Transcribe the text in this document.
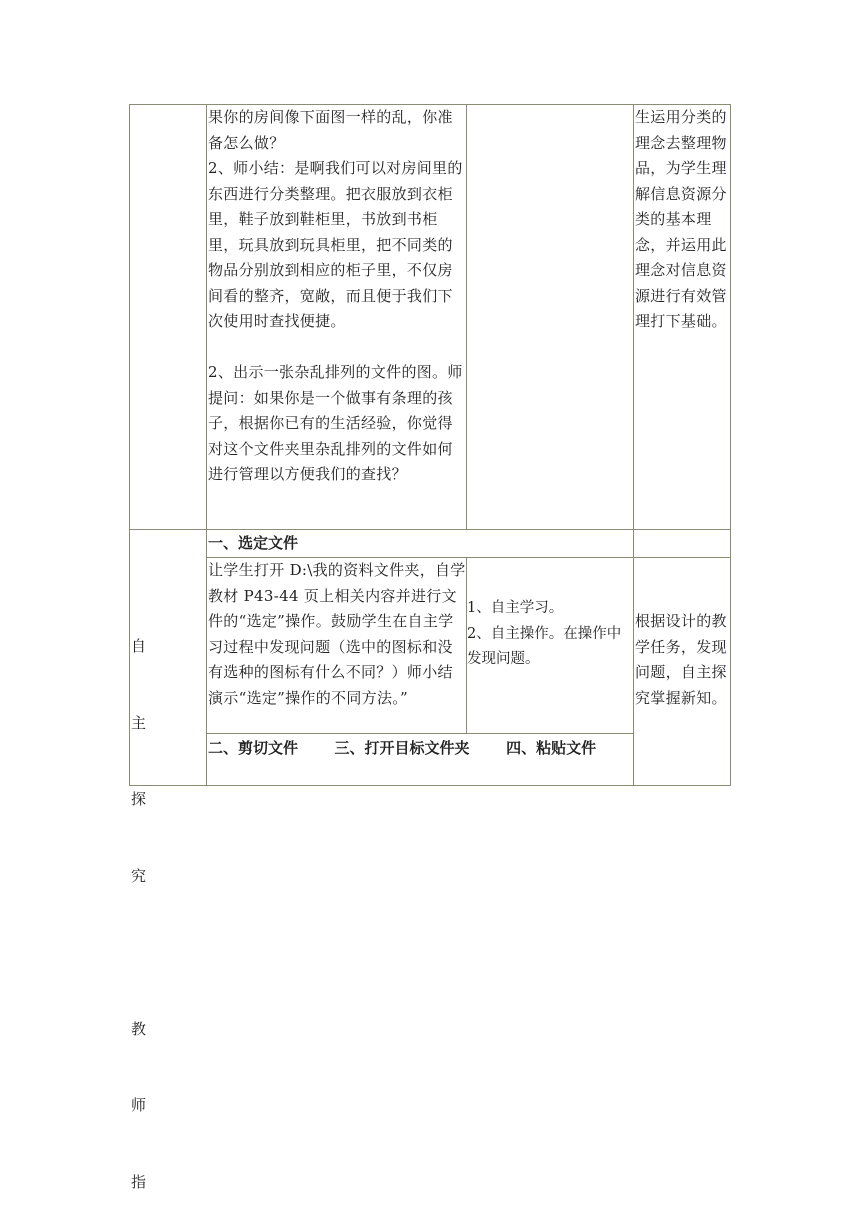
果你的房间像下面图一样的乱，你准备怎么做？
2、师小结：是啊我们可以对房间里的东西进行分类整理。把衣服放到衣柜里，鞋子放到鞋柜里，书放到书柜里，玩具放到玩具柜里，把不同类的物品分别放到相应的柜子里，不仅房间看的整齐，宽敞，而且便于我们下次使用时查找便捷。

2、出示一张杂乱排列的文件的图。师提问：如果你是一个做事有条理的孩子，根据你已有的生活经验，你觉得对这个文件夹里杂乱排列的文件如何进行管理以方便我们的查找？
生运用分类的理念去整理物品，为学生理解信息资源分类的基本理念，并运用此理念对信息资源进行有效管理打下基础。

自

主

探

究

教

师

指

一、选定文件
让学生打开 D:\我的资料文件夹，自学教材 P43-44 页上相关内容并进行文件的“选定”操作。鼓励学生在自主学习过程中发现问题（选中的图标和没有选种的图标有什么不同？）师小结演示“选定”操作的不同方法。”
1、自主学习。
2、自主操作。在操作中发现问题。
根据设计的教学任务，发现问题，自主探究掌握新知。
二、剪切文件       三、打开目标文件夹       四、粘贴文件
